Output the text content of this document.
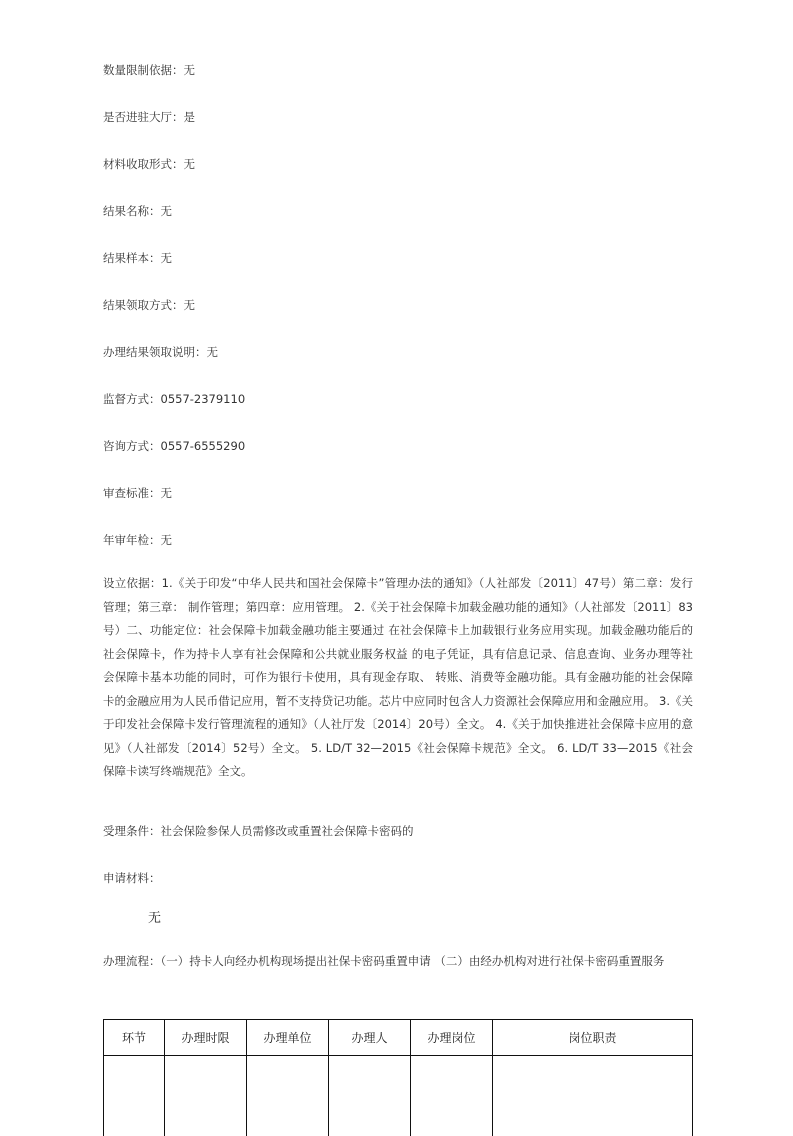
数量限制依据：无
是否进驻大厅：是
材料收取形式：无
结果名称：无
结果样本：无
结果领取方式：无
办理结果领取说明：无
监督方式：0557-2379110
咨询方式：0557-6555290
审查标准：无
年审年检：无
设立依据：1.《关于印发“中华人民共和国社会保障卡”管理办法的通知》（人社部发〔2011〕47号）第二章：发行管理；第三章： 制作管理；第四章：应用管理。 2.《关于社会保障卡加载金融功能的通知》（人社部发〔2011〕83号）二、功能定位：社会保障卡加载金融功能主要通过 在社会保障卡上加载银行业务应用实现。加载金融功能后的社会保障卡，作为持卡人享有社会保障和公共就业服务权益 的电子凭证，具有信息记录、信息查询、业务办理等社会保障卡基本功能的同时，可作为银行卡使用，具有现金存取、 转账、消费等金融功能。具有金融功能的社会保障卡的金融应用为人民币借记应用，暂不支持贷记功能。芯片中应同时包含人力资源社会保障应用和金融应用。 3.《关于印发社会保障卡发行管理流程的通知》（人社厅发〔2014〕20号）全文。 4.《关于加快推进社会保障卡应用的意见》（人社部发〔2014〕52号）全文。 5. LD/T 32—2015《社会保障卡规范》全文。 6. LD/T 33—2015《社会保障卡读写终端规范》全文。
受理条件：社会保险参保人员需修改或重置社会保障卡密码的
申请材料：
无
办理流程：（一）持卡人向经办机构现场提出社保卡密码重置申请 （二）由经办机构对进行社保卡密码重置服务
环节	办理时限	办理单位	办理人	办理岗位	岗位职责
